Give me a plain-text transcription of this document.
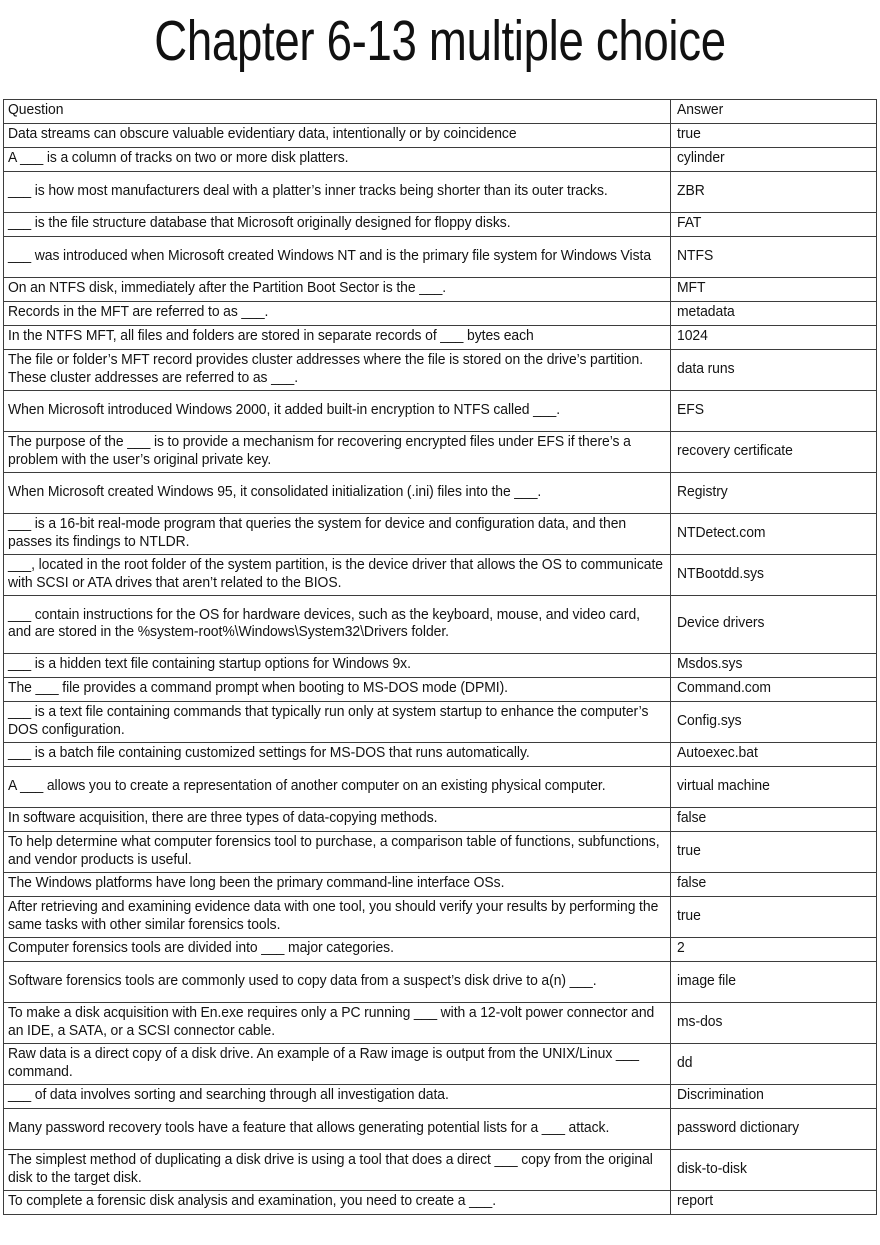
Chapter 6-13 multiple choice
Question	Answer

Data streams can obscure valuable evidentiary data, intentionally or by coincidence	true

A ___ is a column of tracks on two or more disk platters.	cylinder

___ is how most manufacturers deal with a platter’s inner tracks being shorter than its outer tracks.	ZBR

___ is the file structure database that Microsoft originally designed for floppy disks.	FAT

___ was introduced when Microsoft created Windows NT and is the primary file system for Windows Vista	NTFS

On an NTFS disk, immediately after the Partition Boot Sector is the ___.	MFT

Records in the MFT are referred to as ___.	metadata

In the NTFS MFT, all files and folders are stored in separate records of ___ bytes each	1024

The file or folder’s MFT record provides cluster addresses where the file is stored on the drive’s partition. These cluster addresses are referred to as ___.	data runs

When Microsoft introduced Windows 2000, it added built-in encryption to NTFS called ___.	EFS

The purpose of the ___ is to provide a mechanism for recovering encrypted files under EFS if there’s a problem with the user’s original private key.	recovery certificate

When Microsoft created Windows 95, it consolidated initialization (.ini) files into the ___.	Registry

___ is a 16-bit real-mode program that queries the system for device and configuration data, and then passes its findings to NTLDR.	NTDetect.com

___, located in the root folder of the system partition, is the device driver that allows the OS to communicate with SCSI or ATA drives that aren’t related to the BIOS.	NTBootdd.sys

___ contain instructions for the OS for hardware devices, such as the keyboard, mouse, and video card, and are stored in the %system-root%\Windows\System32\Drivers folder.	Device drivers

___ is a hidden text file containing startup options for Windows 9x.	Msdos.sys

The ___ file provides a command prompt when booting to MS-DOS mode (DPMI).	Command.com

___ is a text file containing commands that typically run only at system startup to enhance the computer’s DOS configuration.	Config.sys

___ is a batch file containing customized settings for MS-DOS that runs automatically.	Autoexec.bat

A ___ allows you to create a representation of another computer on an existing physical computer.	virtual machine

In software acquisition, there are three types of data-copying methods.	false

To help determine what computer forensics tool to purchase, a comparison table of functions, subfunctions, and vendor products is useful.	true

The Windows platforms have long been the primary command-line interface OSs.	false

After retrieving and examining evidence data with one tool, you should verify your results by performing the same tasks with other similar forensics tools.	true

Computer forensics tools are divided into ___ major categories.	2

Software forensics tools are commonly used to copy data from a suspect’s disk drive to a(n) ___.	image file

To make a disk acquisition with En.exe requires only a PC running ___ with a 12-volt power connector and an IDE, a SATA, or a SCSI connector cable.	ms-dos

Raw data is a direct copy of a disk drive. An example of a Raw image is output from the UNIX/Linux ___ command.	dd

___ of data involves sorting and searching through all investigation data.	Discrimination

Many password recovery tools have a feature that allows generating potential lists for a ___ attack.	password dictionary

The simplest method of duplicating a disk drive is using a tool that does a direct ___ copy from the original disk to the target disk.	disk-to-disk

To complete a forensic disk analysis and examination, you need to create a ___.	report
